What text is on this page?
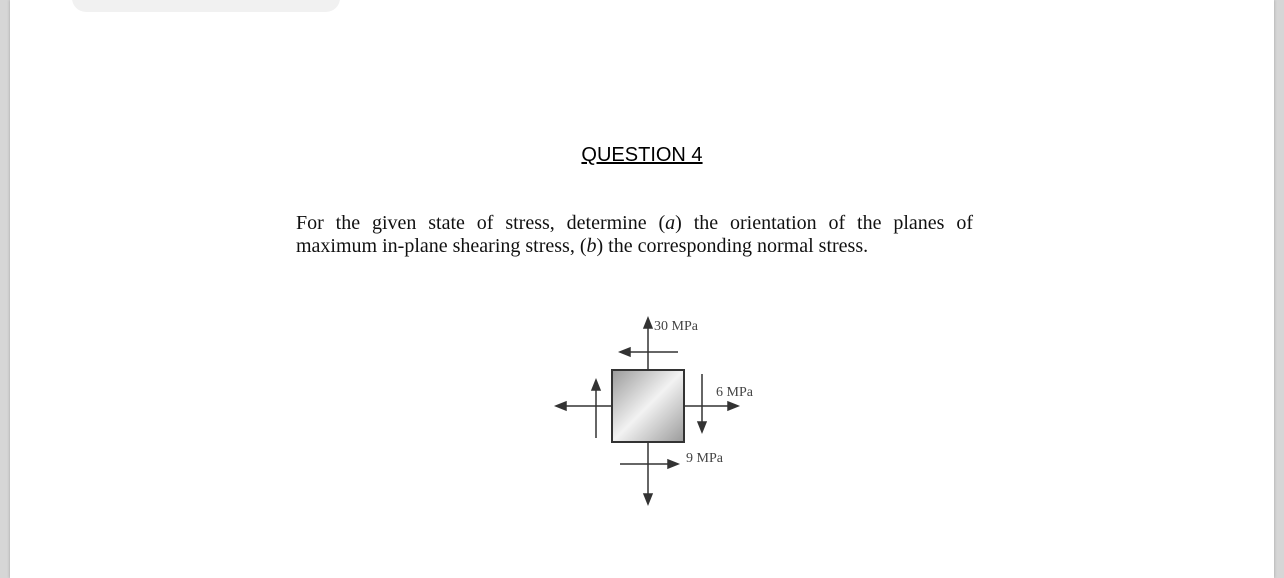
QUESTION 4
For the given state of stress, determine (a) the orientation of the planes of
maximum in-plane shearing stress, (b) the corresponding normal stress.
30 MPa
6 MPa
9 MPa
